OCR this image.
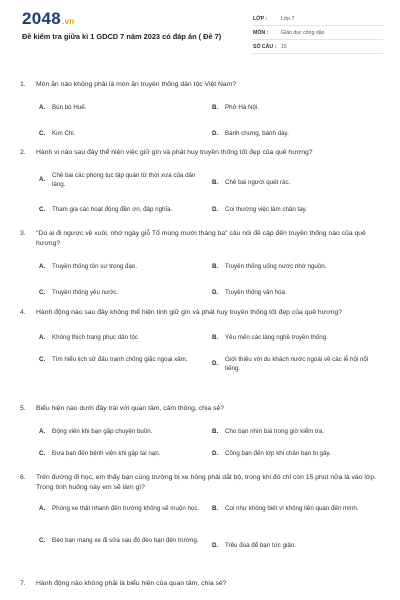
2048.vn
Đề kiểm tra giữa kì 1 GDCD 7 năm 2023 có đáp án ( Đề 7)
LỚP :	Lớp 7
MÔN :	Giáo dục công dân
SỐ CÂU : 15
1.	Món ăn nào không phải là món ăn truyền thống dân tộc Việt Nam?
A.	Bún bò Huế.	B.	Phở Hà Nội.
C.	Kim Chi.	D.	Bánh chưng, bánh dày.
2.	Hành vi nào sau đây thể hiện việc giữ gìn và phát huy truyền thống tốt đẹp của quê hương?
A.
Chê bai các phong tục tập quán từ thời xưa của dân làng.	B.	Chê bai người quét rác.
C.	Tham gia các hoạt động đền ơn, đáp nghĩa.	D.	Coi thường việc làm chân tay.
3.	"Dù ai đi ngược về xuôi, nhớ ngày giỗ Tổ mùng mười tháng ba" câu nói đề cập đến truyền thống nào của quê hương?
A.	Truyền thống tôn sư trọng đạo.	B.	Truyền thống uống nước nhớ nguồn.
C.	Truyền thống yêu nước.	D.	Truyền thống văn hóa.
4.	Hành động nào sau đây không thể hiện tinh giữ gìn và phát huy truyền thống tốt đẹp của quê hương?
A.	Không thích trang phục dân tộc	B.	Yêu mến các làng nghề truyền thống.
C.	Tìm hiểu lịch sử đấu tranh chống giặc ngoại xâm.
D.
Giới thiệu với du khách nước ngoài về các lễ hội nổi tiếng.
5.	Biểu hiện nào dưới đây trái với quan tâm, cảm thông, chia sẻ?
A.	Động viên khi bạn gặp chuyện buồn.	B.	Cho bạn nhìn bài trong giờ kiểm tra.
C.	Đưa bạn đến bệnh viện khi gặp tai nạn.	D.	Cõng bạn đến lớp khi chân bạn bị gãy.
6.	Trên đường đi học, em thấy bạn cùng trường bị xe hỏng phải dắt bộ, trong khi đó chỉ còn 15 phút nữa là vào lớp. Trong tình huống này em sẽ làm gì?
A.	Phóng xe thật nhanh đến trường không sẽ muộn học.	B.	Coi như không biết vì không liên quan đến mình.
C.	Đèo bạn mang xe đi sửa sau đó đèo bạn đến trường.
D.	Trêu đùa để bạn tức giận.
7.	Hành động nào không phải là biểu hiện của quan tâm, chia sẻ?
